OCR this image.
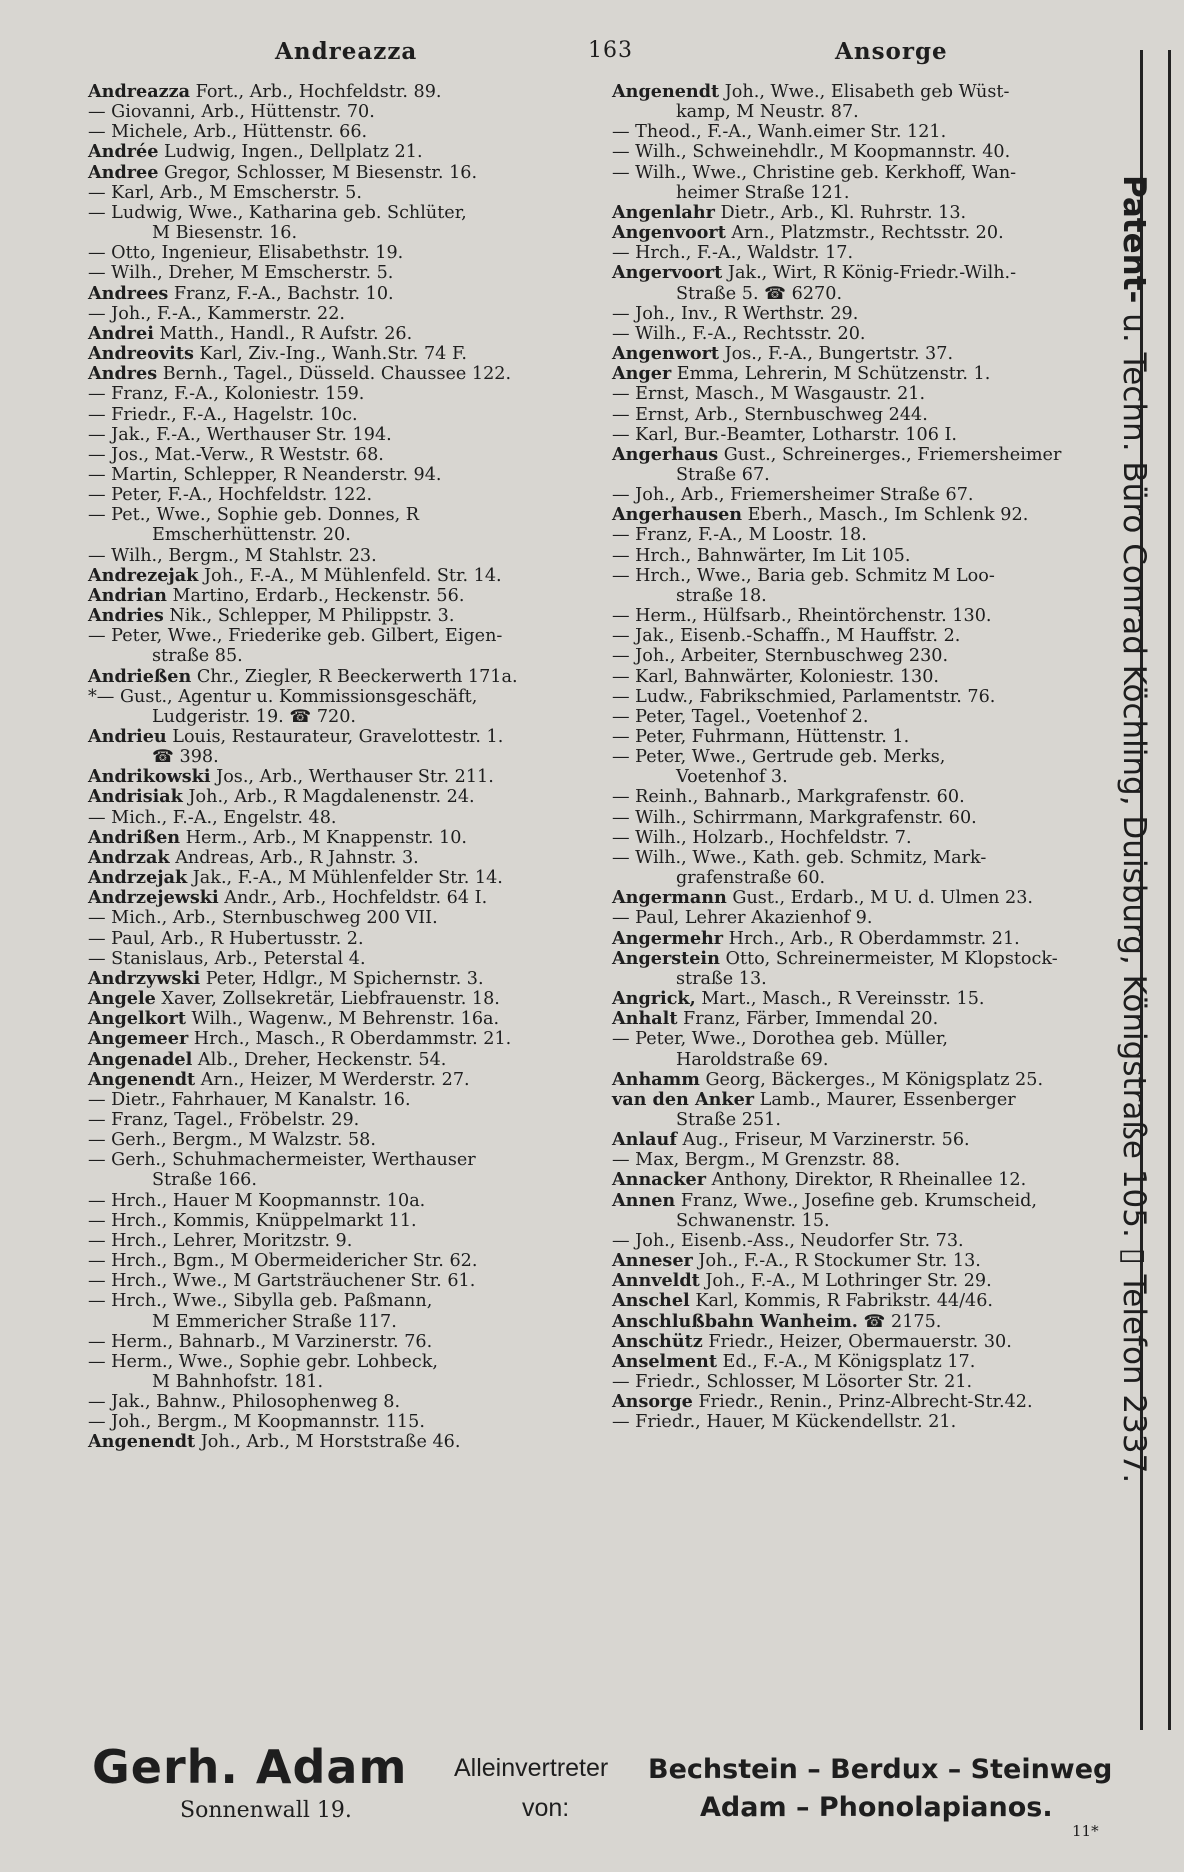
Andreazza	163	Ansorge
Andreazza Fort., Arb., Hochfeldstr. 89.
— Giovanni, Arb., Hüttenstr. 70.
— Michele, Arb., Hüttenstr. 66.
Andrée Ludwig, Ingen., Dellplatz 21.
Andree Gregor, Schlosser, M Biesenstr. 16.
— Karl, Arb., M Emscherstr. 5.
— Ludwig, Wwe., Katharina geb. Schlüter,
M Biesenstr. 16.
— Otto, Ingenieur, Elisabethstr. 19.
— Wilh., Dreher, M Emscherstr. 5.
Andrees Franz, F.-A., Bachstr. 10.
— Joh., F.-A., Kammerstr. 22.
Andrei Matth., Handl., R Aufstr. 26.
Andreovits Karl, Ziv.-Ing., Wanh.Str. 74 F.
Andres Bernh., Tagel., Düsseld. Chaussee 122.
— Franz, F.-A., Koloniestr. 159.
— Friedr., F.-A., Hagelstr. 10c.
— Jak., F.-A., Werthauser Str. 194.
— Jos., Mat.-Verw., R Weststr. 68.
— Martin, Schlepper, R Neanderstr. 94.
— Peter, F.-A., Hochfeldstr. 122.
— Pet., Wwe., Sophie geb. Donnes, R
Emscherhüttenstr. 20.
— Wilh., Bergm., M Stahlstr. 23.
Andrezejak Joh., F.-A., M Mühlenfeld. Str. 14.
Andrian Martino, Erdarb., Heckenstr. 56.
Andries Nik., Schlepper, M Philippstr. 3.
— Peter, Wwe., Friederike geb. Gilbert, Eigen-
straße 85.
Andrießen Chr., Ziegler, R Beeckerwerth 171a.
*— Gust., Agentur u. Kommissionsgeschäft,
Ludgeristr. 19. ☎ 720.
Andrieu Louis, Restaurateur, Gravelottestr. 1.
☎ 398.
Andrikowski Jos., Arb., Werthauser Str. 211.
Andrisiak Joh., Arb., R Magdalenenstr. 24.
— Mich., F.-A., Engelstr. 48.
Andrißen Herm., Arb., M Knappenstr. 10.
Andrzak Andreas, Arb., R Jahnstr. 3.
Andrzejak Jak., F.-A., M Mühlenfelder Str. 14.
Andrzejewski Andr., Arb., Hochfeldstr. 64 I.
— Mich., Arb., Sternbuschweg 200 VII.
— Paul, Arb., R Hubertusstr. 2.
— Stanislaus, Arb., Peterstal 4.
Andrzywski Peter, Hdlgr., M Spichernstr. 3.
Angele Xaver, Zollsekretär, Liebfrauenstr. 18.
Angelkort Wilh., Wagenw., M Behrenstr. 16a.
Angemeer Hrch., Masch., R Oberdammstr. 21.
Angenadel Alb., Dreher, Heckenstr. 54.
Angenendt Arn., Heizer, M Werderstr. 27.
— Dietr., Fahrhauer, M Kanalstr. 16.
— Franz, Tagel., Fröbelstr. 29.
— Gerh., Bergm., M Walzstr. 58.
— Gerh., Schuhmachermeister, Werthauser
Straße 166.
— Hrch., Hauer M Koopmannstr. 10a.
— Hrch., Kommis, Knüppelmarkt 11.
— Hrch., Lehrer, Moritzstr. 9.
— Hrch., Bgm., M Obermeidericher Str. 62.
— Hrch., Wwe., M Gartsträuchener Str. 61.
— Hrch., Wwe., Sibylla geb. Paßmann,
M Emmericher Straße 117.
— Herm., Bahnarb., M Varzinerstr. 76.
— Herm., Wwe., Sophie gebr. Lohbeck,
M Bahnhofstr. 181.
— Jak., Bahnw., Philosophenweg 8.
— Joh., Bergm., M Koopmannstr. 115.
Angenendt Joh., Arb., M Horststraße 46.
Angenendt Joh., Wwe., Elisabeth geb Wüst-
kamp, M Neustr. 87.
— Theod., F.-A., Wanh.eimer Str. 121.
— Wilh., Schweinehdlr., M Koopmannstr. 40.
— Wilh., Wwe., Christine geb. Kerkhoff, Wan-
heimer Straße 121.
Angenlahr Dietr., Arb., Kl. Ruhrstr. 13.
Angenvoort Arn., Platzmstr., Rechtsstr. 20.
— Hrch., F.-A., Waldstr. 17.
Angervoort Jak., Wirt, R König-Friedr.-Wilh.-
Straße 5. ☎ 6270.
— Joh., Inv., R Werthstr. 29.
— Wilh., F.-A., Rechtsstr. 20.
Angenwort Jos., F.-A., Bungertstr. 37.
Anger Emma, Lehrerin, M Schützenstr. 1.
— Ernst, Masch., M Wasgaustr. 21.
— Ernst, Arb., Sternbuschweg 244.
— Karl, Bur.-Beamter, Lotharstr. 106 I.
Angerhaus Gust., Schreinerges., Friemersheimer
Straße 67.
— Joh., Arb., Friemersheimer Straße 67.
Angerhausen Eberh., Masch., Im Schlenk 92.
— Franz, F.-A., M Loostr. 18.
— Hrch., Bahnwärter, Im Lit 105.
— Hrch., Wwe., Baria geb. Schmitz M Loo-
straße 18.
— Herm., Hülfsarb., Rheintörchenstr. 130.
— Jak., Eisenb.-Schaffn., M Hauffstr. 2.
— Joh., Arbeiter, Sternbuschweg 230.
— Karl, Bahnwärter, Koloniestr. 130.
— Ludw., Fabrikschmied, Parlamentstr. 76.
— Peter, Tagel., Voetenhof 2.
— Peter, Fuhrmann, Hüttenstr. 1.
— Peter, Wwe., Gertrude geb. Merks,
Voetenhof 3.
— Reinh., Bahnarb., Markgrafenstr. 60.
— Wilh., Schirrmann, Markgrafenstr. 60.
— Wilh., Holzarb., Hochfeldstr. 7.
— Wilh., Wwe., Kath. geb. Schmitz, Mark-
grafenstraße 60.
Angermann Gust., Erdarb., M U. d. Ulmen 23.
— Paul, Lehrer Akazienhof 9.
Angermehr Hrch., Arb., R Oberdammstr. 21.
Angerstein Otto, Schreinermeister, M Klopstock-
straße 13.
Angrick, Mart., Masch., R Vereinsstr. 15.
Anhalt Franz, Färber, Immendal 20.
— Peter, Wwe., Dorothea geb. Müller,
Haroldstraße 69.
Anhamm Georg, Bäckerges., M Königsplatz 25.
van den Anker Lamb., Maurer, Essenberger
Straße 251.
Anlauf Aug., Friseur, M Varzinerstr. 56.
— Max, Bergm., M Grenzstr. 88.
Annacker Anthony, Direktor, R Rheinallee 12.
Annen Franz, Wwe., Josefine geb. Krumscheid,
Schwanenstr. 15.
— Joh., Eisenb.-Ass., Neudorfer Str. 73.
Anneser Joh., F.-A., R Stockumer Str. 13.
Annveldt Joh., F.-A., M Lothringer Str. 29.
Anschel Karl, Kommis, R Fabrikstr. 44/46.
Anschlußbahn Wanheim. ☎ 2175.
Anschütz Friedr., Heizer, Obermauerstr. 30.
Anselment Ed., F.-A., M Königsplatz 17.
— Friedr., Schlosser, M Lösorter Str. 21.
Ansorge Friedr., Renin., Prinz-Albrecht-Str.42.
— Friedr., Hauer, M Kückendellstr. 21.
Patent- u. Techn. Büro Conrad Köchling, Duisburg, Königstraße 105. ▯ Telefon 2337.
Gerh. Adam
Sonnenwall 19.
Alleinvertreter
von:
Bechstein – Berdux – Steinweg
Adam – Phonolapianos.
11*
